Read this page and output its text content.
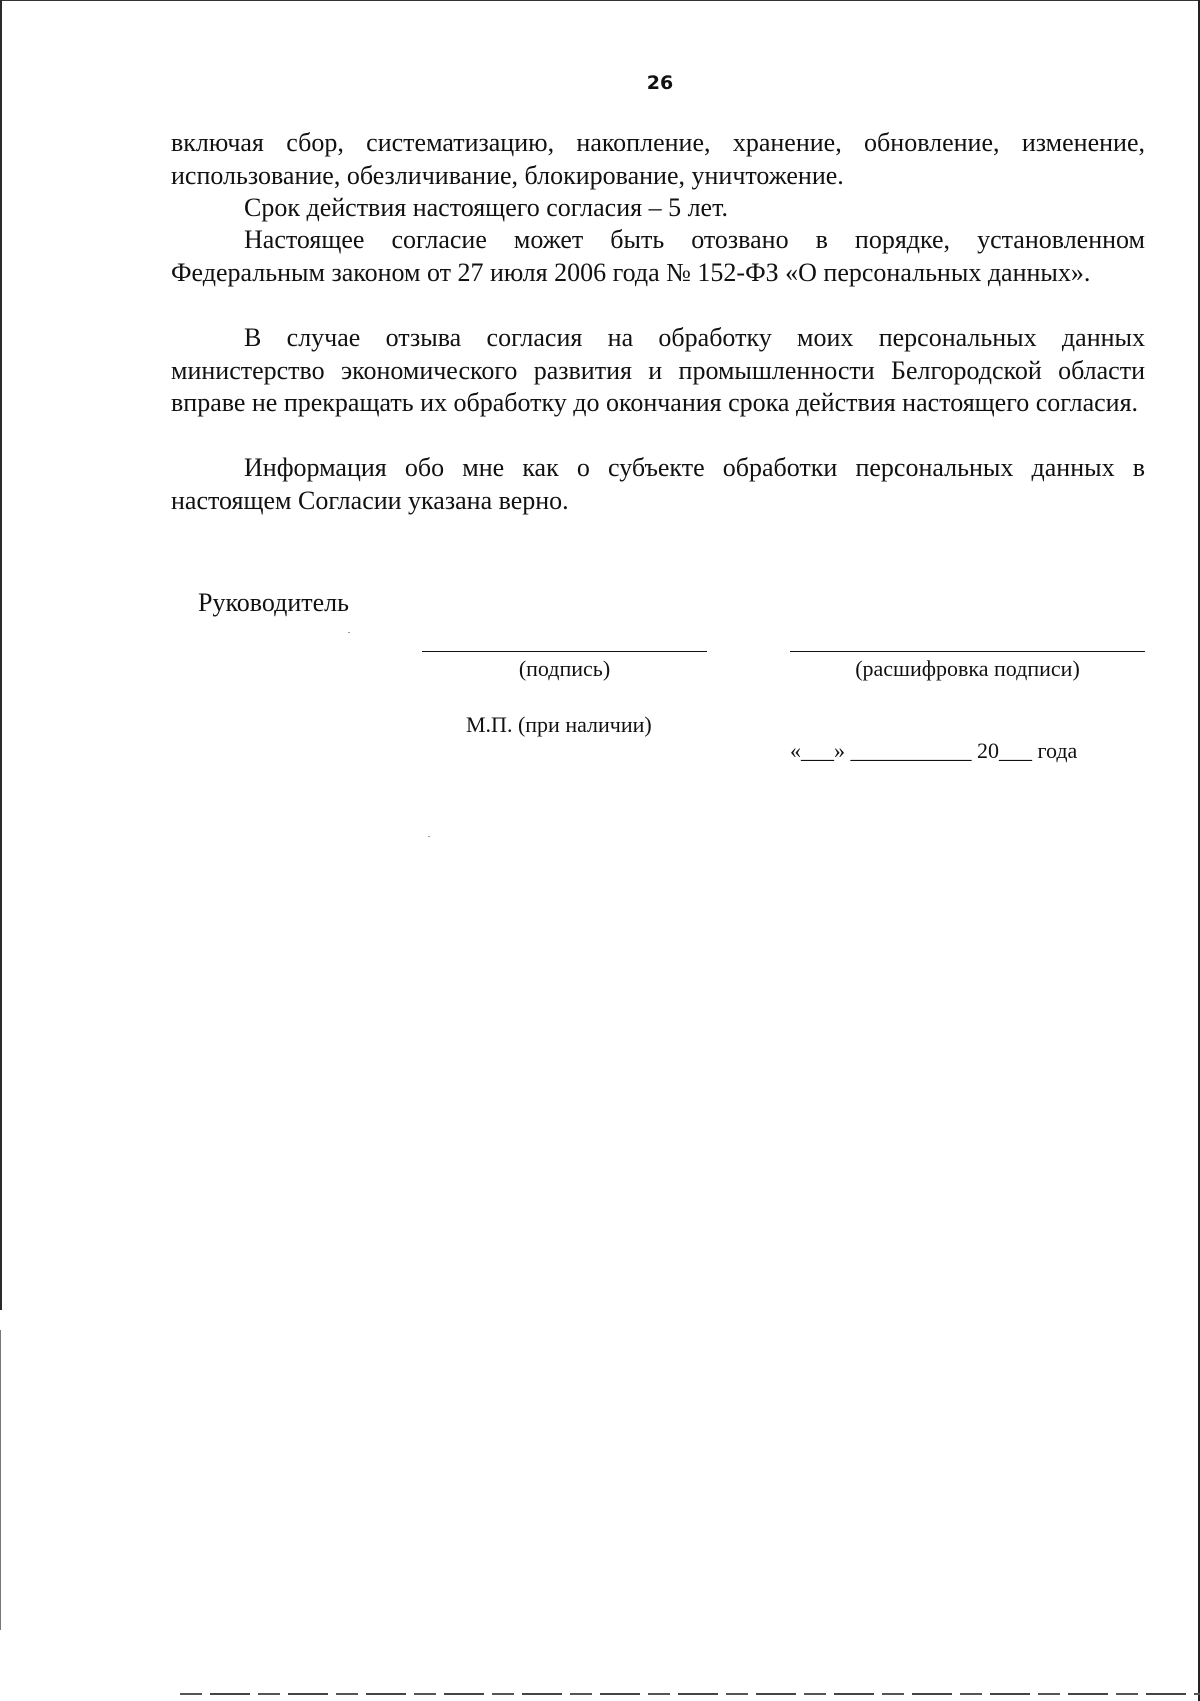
26

включая сбор, систематизацию, накопление, хранение, обновление, изменение, использование, обезличивание, блокирование, уничтожение.

Срок действия настоящего согласия – 5 лет.

Настоящее согласие может быть отозвано в порядке, установленном Федеральным законом от 27 июля 2006 года № 152-ФЗ «О персональных данных».

В случае отзыва согласия на обработку моих персональных данных министерство экономического развития и промышленности Белгородской области вправе не прекращать их обработку до окончания срока действия настоящего согласия.

Информация обо мне как о субъекте обработки персональных данных в настоящем Согласии указана верно.

Руководитель
(подпись)	(расшифровка подписи)
М.П. (при наличии)
«___» ___________ 20___ года
